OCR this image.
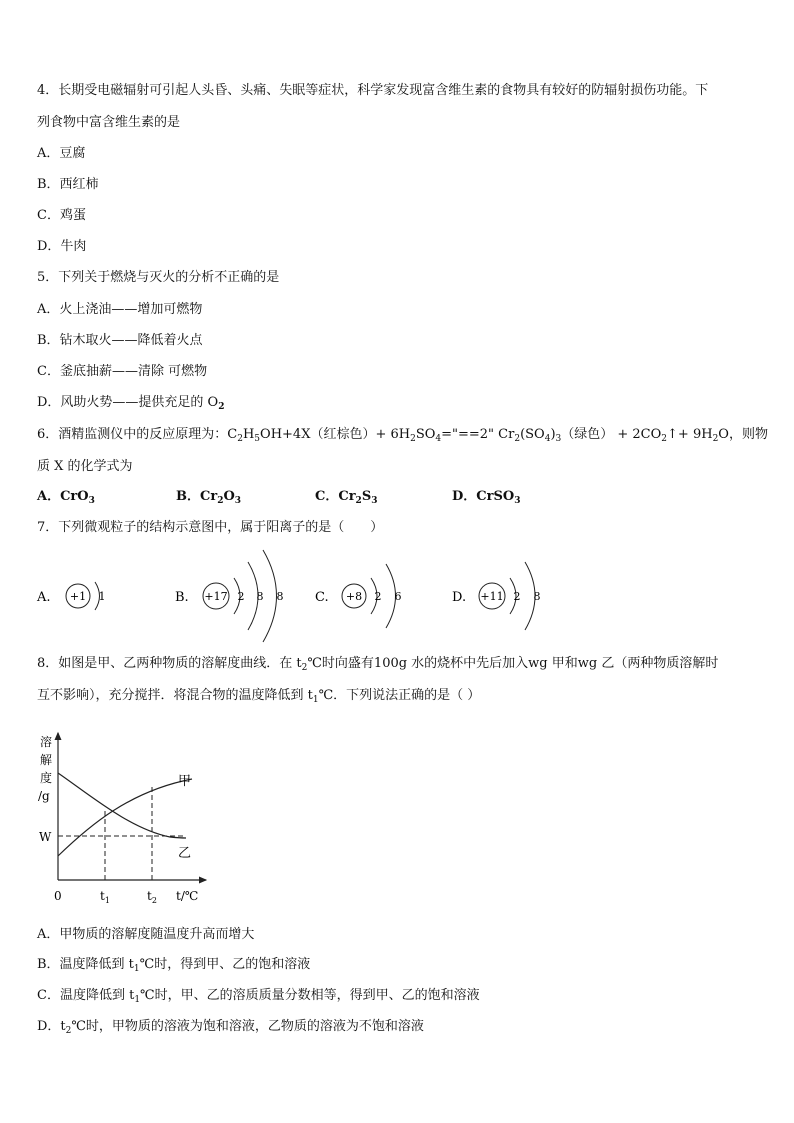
4．长期受电磁辐射可引起人头昏、头痛、失眠等症状，科学家发现富含维生素的食物具有较好的防辐射损伤功能。下
列食物中富含维生素的是
A．豆腐
B．西红柿
C．鸡蛋
D．牛肉
5．下列关于燃烧与灭火的分析不正确的是
A．火上浇油——增加可燃物
B．钻木取火——降低着火点
C．釜底抽薪——清除 可燃物
D．风助火势——提供充足的 $O_2$
6．酒精监测仪中的反应原理为：$C_2H_5OH+4X$（红棕色）+ $6H_2SO_4="==2$" $Cr_2(SO_4)_3$（绿色） + $2CO_2↑+ 9H_2O$，则物
质 X 的化学式为
A．CrO$_3$	B．$Cr_2O_3$	C．$Cr_2S_3$	D．CrSO$_3$
7．下列微观粒子的结构示意图中，属于阳离子的是（　　）
A. +1 1	B. +17 2 8 8 C. +8 2 6	D. +11 2 8
8．如图是甲、乙两种物质的溶解度曲线．在 $t_2℃$时向盛有100g 水的烧杯中先后加入wg 甲和wg 乙（两种物质溶解时
互不影响），充分搅拌．将混合物的温度降低到 $t_1℃$．下列说法正确的是（ ）
溶
解
度
/g
W
甲
乙
0	$t_1$	$t_2$ t/℃
A．甲物质的溶解度随温度升高而增大
B．温度降低到 $t_1℃$时，得到甲、乙的饱和溶液
C．温度降低到 $t_1℃$时，甲、乙的溶质质量分数相等，得到甲、乙的饱和溶液
D．$t_2℃$时，甲物质的溶液为饱和溶液，乙物质的溶液为不饱和溶液
